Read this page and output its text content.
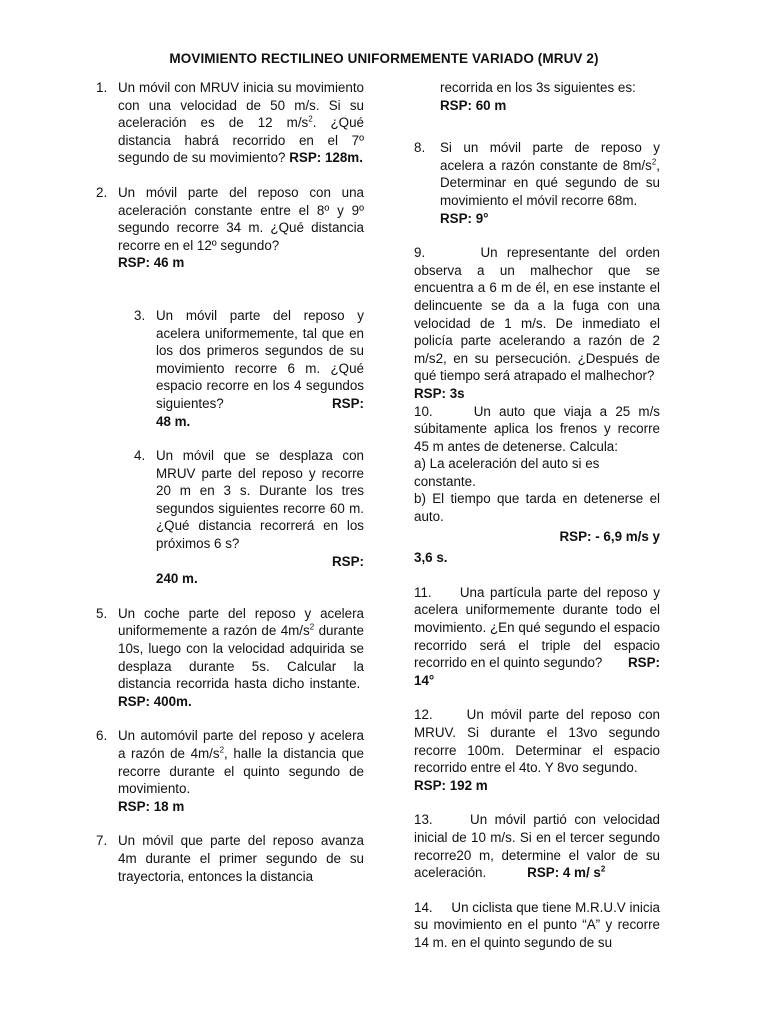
MOVIMIENTO RECTILINEO UNIFORMEMENTE VARIADO (MRUV 2)
1. Un móvil con MRUV inicia su movimiento con una velocidad de 50 m/s. Si su aceleración es de 12 $m/s^2$. ¿Qué distancia habrá recorrido en el 7º segundo de su movimiento? RSP: 128m.

2. Un móvil parte del reposo con una aceleración constante entre el 8º y 9º segundo recorre 34 m. ¿Qué distancia recorre en el 12º segundo?
RSP: 46 m

3. Un móvil parte del reposo y acelera uniformemente, tal que en los dos primeros segundos de su movimiento recorre 6 m. ¿Qué espacio recorre en los 4 segundos siguientes?	RSP:
48 m.

4. Un móvil que se desplaza con MRUV parte del reposo y recorre 20 m en 3 s. Durante los tres segundos siguientes recorre 60 m. ¿Qué distancia recorrerá en los próximos 6 s?
RSP:
240 m.

5. Un coche parte del reposo y acelera uniformemente a razón de $4m/s^2$ durante 10s, luego con la velocidad adquirida se desplaza durante 5s. Calcular la distancia recorrida hasta dicho instante.  RSP: 400m.

6. Un automóvil parte del reposo y acelera a razón de $4m/s^2$, halle la distancia que recorre durante el quinto segundo de movimiento.
RSP: 18 m

7. Un móvil que parte del reposo avanza 4m durante el primer segundo de su trayectoria, entonces la distancia

recorrida en los 3s siguientes es:
RSP: 60 m

8. Si un móvil parte de reposo y acelera a razón constante de $8m/s^2$, Determinar en qué segundo de su movimiento el móvil recorre 68m.
RSP: 9°

9.	Un representante del orden observa a un malhechor que se encuentra a 6 m de él, en ese instante el delincuente se da a la fuga con una velocidad de 1 m/s. De inmediato el policía parte acelerando a razón de 2 m/s2, en su persecución. ¿Después de qué tiempo será atrapado el malhechor?
RSP: 3s

10.	Un auto que viaja a 25 m/s súbitamente aplica los frenos y recorre 45 m antes de detenerse. Calcula:

a) La aceleración del auto si es constante.

b) El tiempo que tarda en detenerse el auto.

RSP: - 6,9 m/s y

3,6 s.

11. Una partícula parte del reposo y acelera uniformemente durante todo el movimiento. ¿En qué segundo el espacio recorrido será el triple del espacio recorrido en el quinto segundo? RSP:
14°

12.	Un móvil parte del reposo con MRUV. Si durante el 13vo segundo recorre 100m. Determinar el espacio recorrido entre el 4to. Y 8vo segundo.
RSP: 192 m

13.	Un móvil partió con velocidad inicial de 10 m/s. Si en el tercer segundo recorre20 m, determine el valor de su aceleración.	RSP: 4 m/ $s^2$

14. Un ciclista que tiene M.R.U.V inicia su movimiento en el punto “A” y recorre 14 m. en el quinto segundo de su
